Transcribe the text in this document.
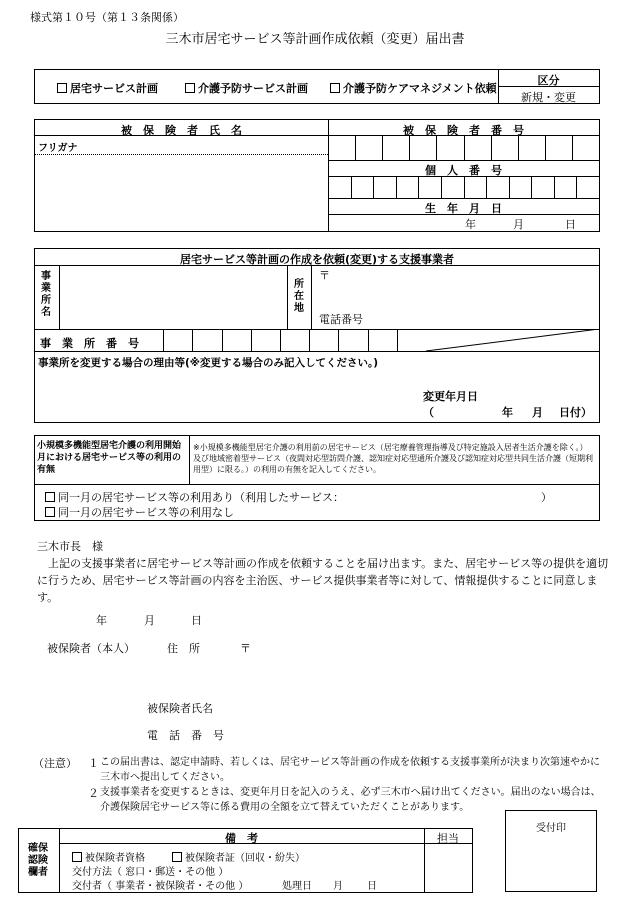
様式第１０号（第１３条関係）
三木市居宅サービス等計画作成依頼（変更）届出書
居宅サービス計画	介護予防サービス計画	介護予防ケアマネジメント依頼
区分
新規・変更
被　保　険　者　氏　名	被　保　険　者　番　号
フリガナ
個　人　番　号
生　年　月　日
年	月	日
居宅サービス等計画の作成を依頼(変更)する支援事業者
事業所名
所在地
〒
電話番号
事　業　所　番　号
事業所を変更する場合の理由等(※変更する場合のみ記入してください。)
変更年月日
（	年 月 日付）
小規模多機能型居宅介護の利用開始月における居宅サービス等の利用の有無
※小規模多機能型居宅介護の利用前の居宅サービス（居宅療養管理指導及び特定施設入居者生活介護を除く。）及び地域密着型サービス（夜間対応型訪問介護、認知症対応型通所介護及び認知症対応型共同生活介護（短期利用型）に限る。）の利用の有無を記入してください。
同一月の居宅サービス等の利用あり（利用したサービス：	）
同一月の居宅サービス等の利用なし
三木市長　様
上記の支援事業者に居宅サービス等計画の作成を依頼することを届け出ます。また、居宅サービス等の提供を適切に行うため、居宅サービス等計画の内容を主治医、サービス提供事業者等に対して、情報提供することに同意します。
年	月	日
被保険者（本人）	住　所	〒
被保険者氏名
電　話　番　号
（注意） １ この届出書は、認定申請時、若しくは、居宅サービス等計画の作成を依頼する支援事業所が決まり次第速やかに三木市へ提出してください。
２ 支援事業者を変更するときは、変更年月日を記入のうえ、必ず三木市へ届け出てください。届出のない場合は、介護保険居宅サービス等に係る費用の全額を立て替えていただくことがあります。
確保認険欄者
備　考	担当
被保険者資格	被保険者証（回収・紛失）
交付方法（ 窓口・郵送・その他 ）
交付者（ 事業者・被保険者・その他 ）	処理日 月 日
受付印
